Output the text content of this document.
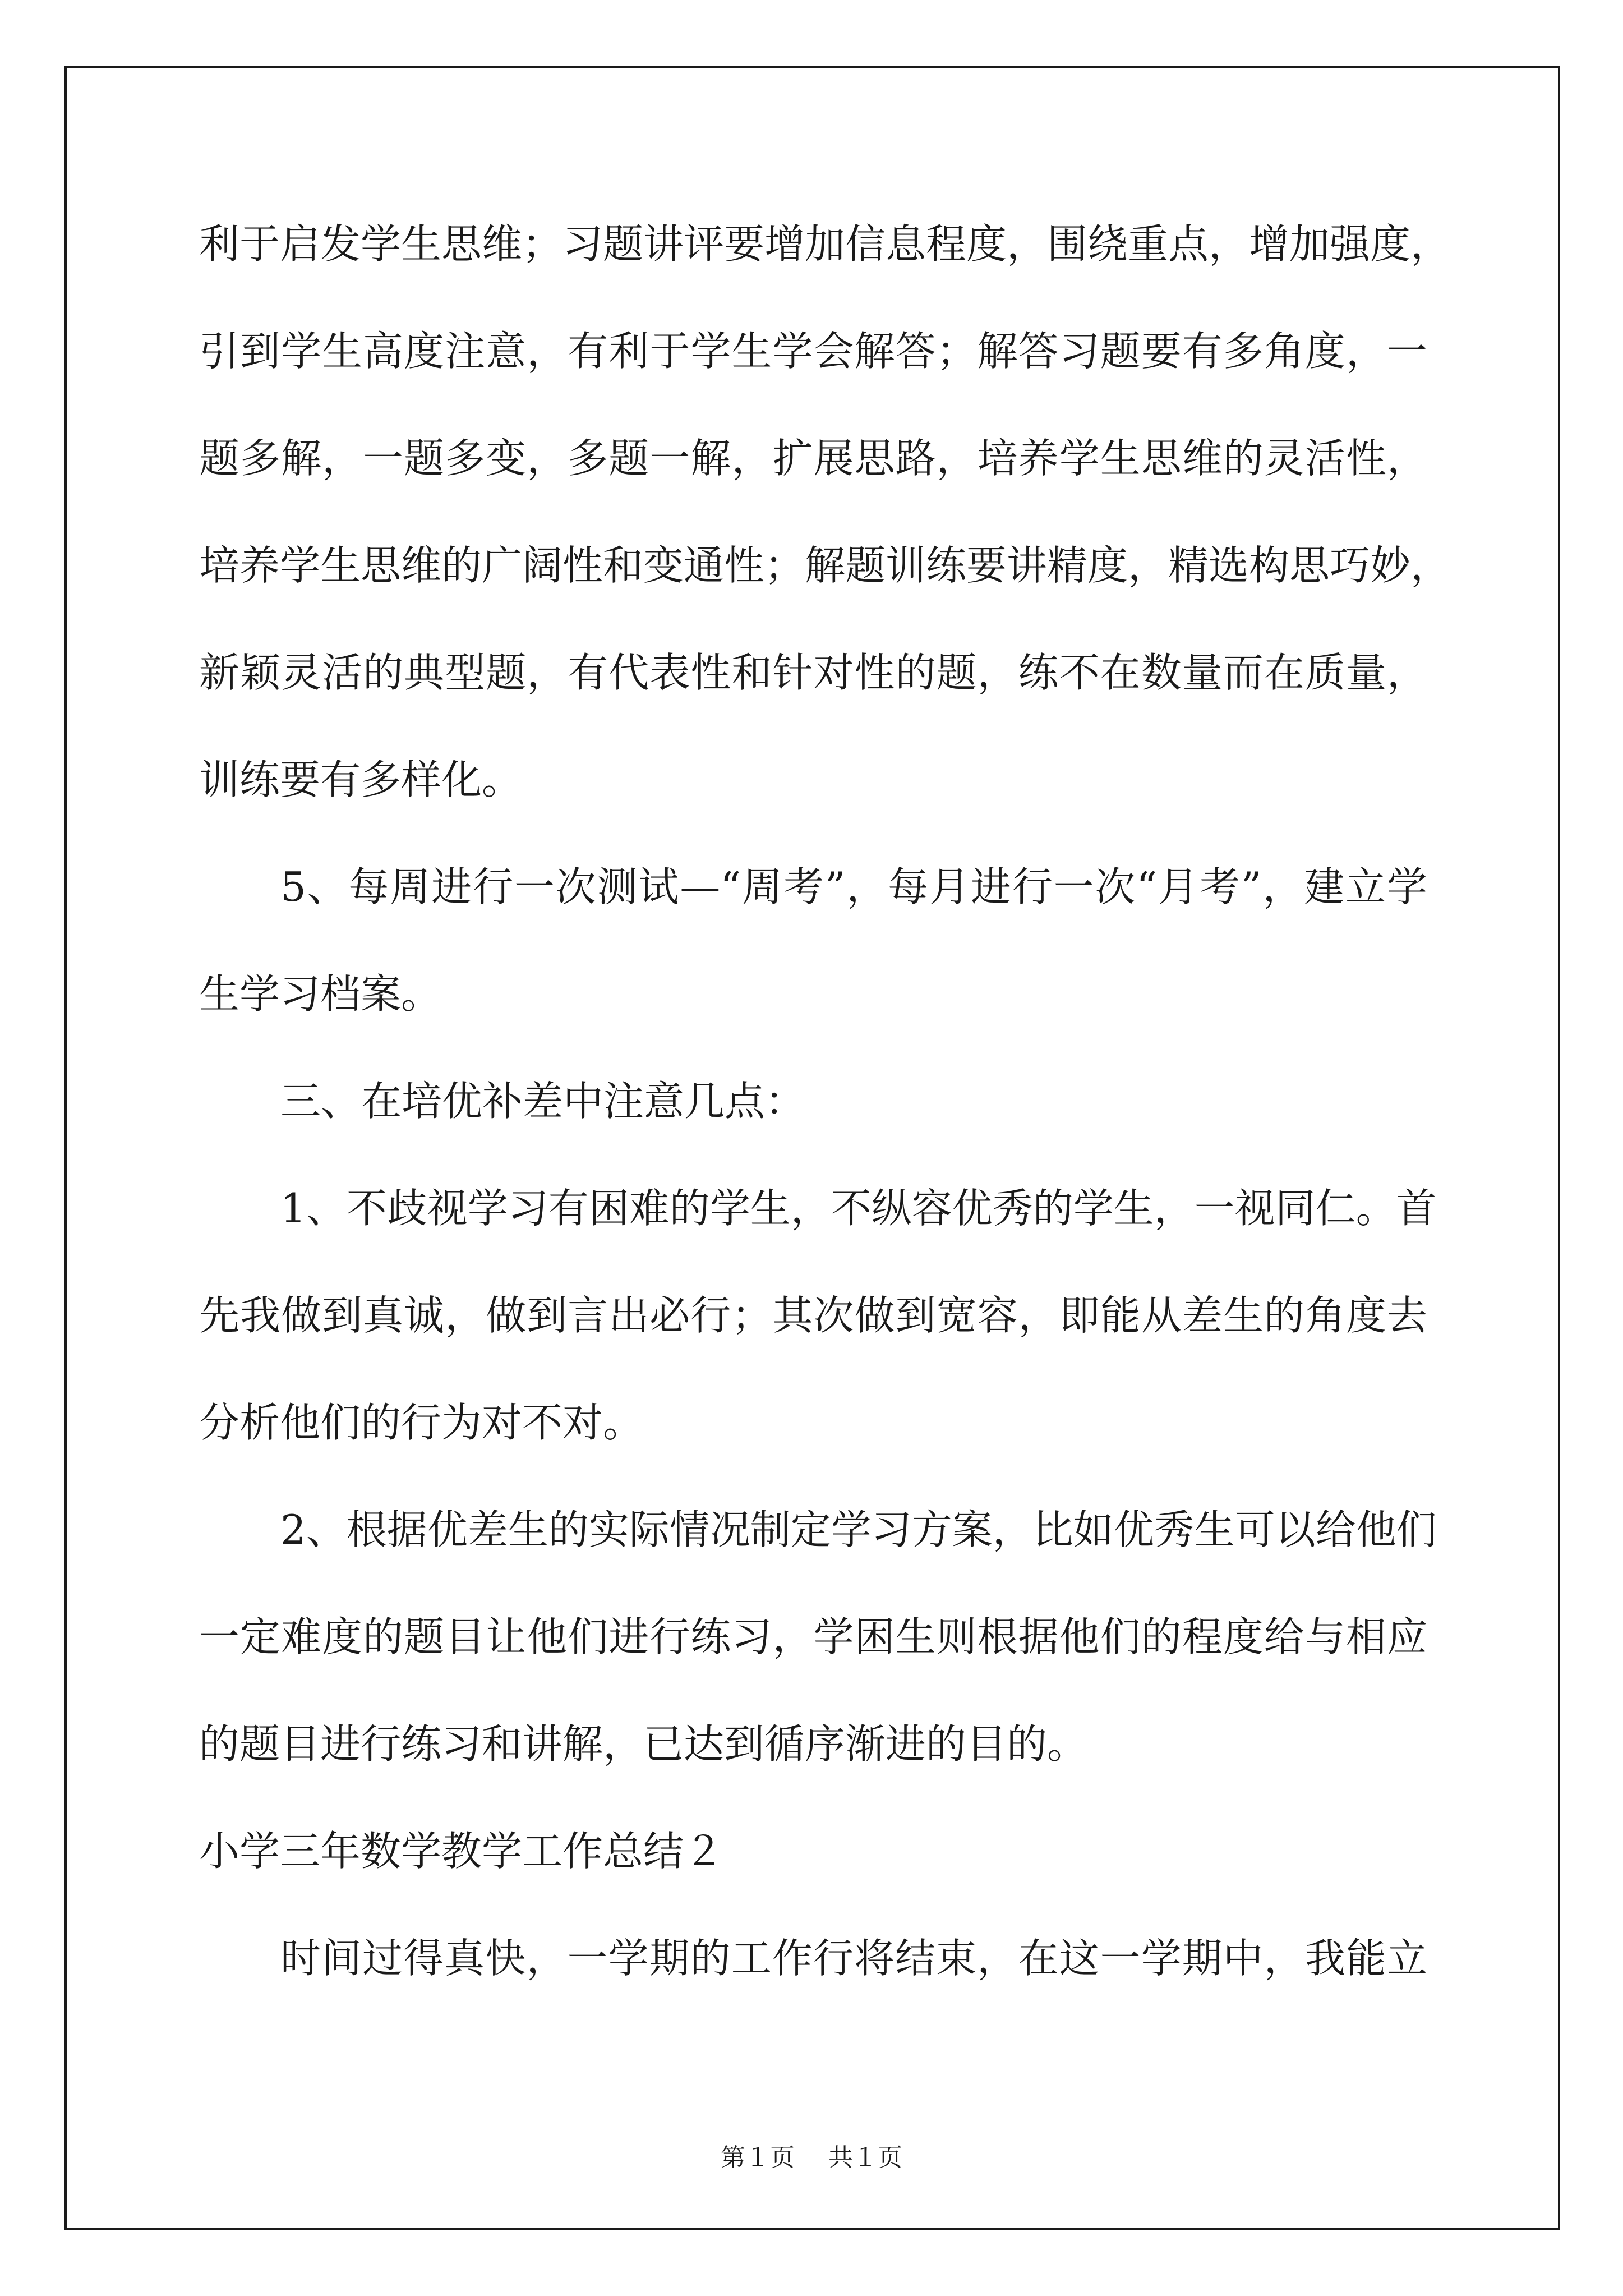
利于启发学生思维；习题讲评要增加信息程度，围绕重点，增加强度，
引到学生高度注意，有利于学生学会解答；解答习题要有多角度，一
题多解，一题多变，多题一解，扩展思路，培养学生思维的灵活性，
培养学生思维的广阔性和变通性；解题训练要讲精度，精选构思巧妙，
新颖灵活的典型题，有代表性和针对性的题，练不在数量而在质量，
训练要有多样化。
5、每周进行一次测试—“周考”，每月进行一次“月考”，建立学
生学习档案。
三、在培优补差中注意几点：
1、不歧视学习有困难的学生，不纵容优秀的学生，一视同仁。首
先我做到真诚，做到言出必行；其次做到宽容，即能从差生的角度去
分析他们的行为对不对。
2、根据优差生的实际情况制定学习方案，比如优秀生可以给他们
一定难度的题目让他们进行练习，学困生则根据他们的程度给与相应
的题目进行练习和讲解，已达到循序渐进的目的。
小学三年数学教学工作总结２
时间过得真快，一学期的工作行将结束，在这一学期中，我能立
第１页 共１页
